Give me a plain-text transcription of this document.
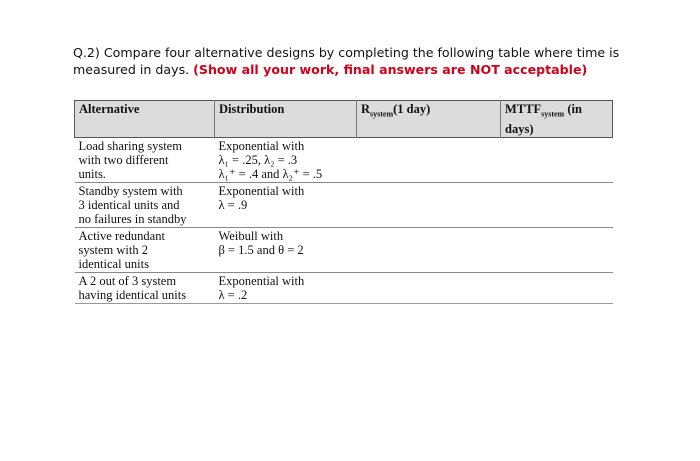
Q.2) Compare four alternative designs by completing the following table where time is measured in days. (Show all your work, final answers are NOT acceptable)
Alternative	Distribution	$R_{system}(1$ day)	$MTTF_{system}$ (in days)

Load sharing system
with two different
units.	Exponential with
λ₁ = .25, λ₂ = .3
λ₁⁺ = .4 and λ₂⁺ = .5		

Standby system with
3 identical units and
no failures in standby	Exponential with
λ = .9		

Active redundant
system with 2
identical units	Weibull with
β = 1.5 and θ = 2		

A 2 out of 3 system
having identical units	Exponential with
λ = .2		
